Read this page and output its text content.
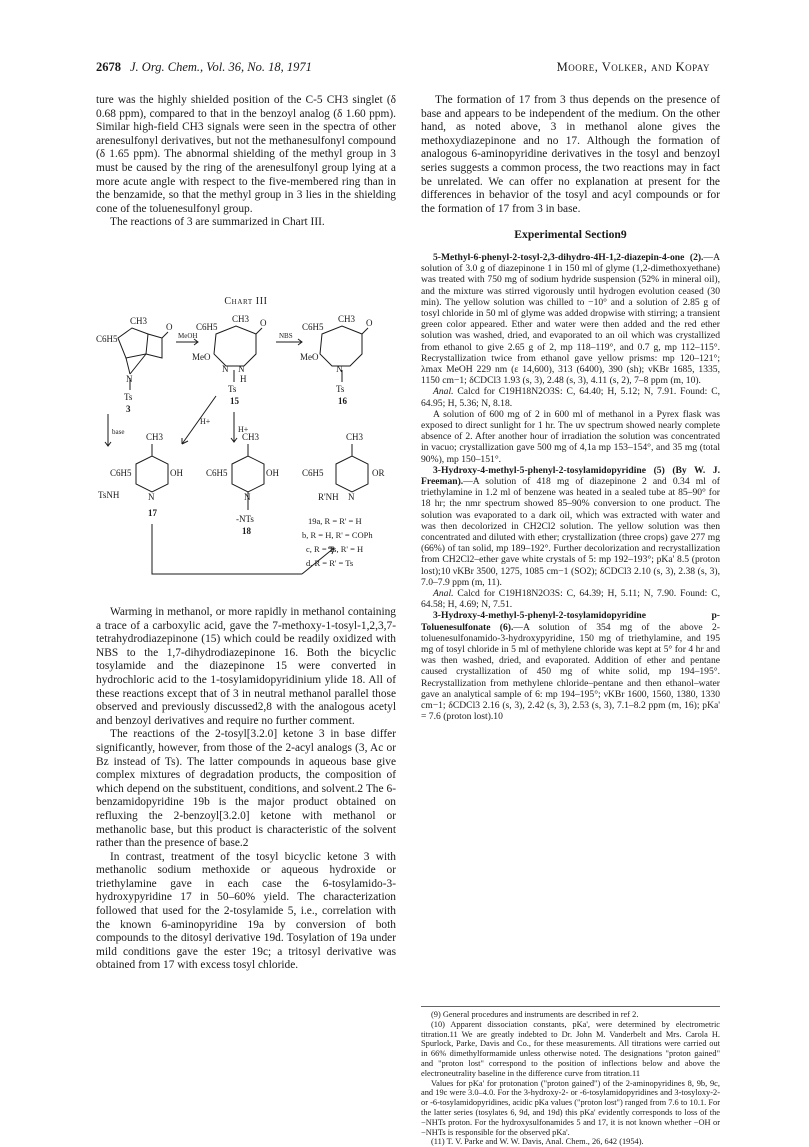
2678 J. Org. Chem., Vol. 36, No. 18, 1971	Moore, Volker, and Kopay

ture was the highly shielded position of the C-5 CH3 singlet (δ 0.68 ppm), compared to that in the benzoyl analog (δ 1.60 ppm). Similar high-field CH3 signals were seen in the spectra of other arenesulfonyl derivatives, but not the methanesulfonyl compound (δ 1.65 ppm). The abnormal shielding of the methyl group in 3 must be caused by the ring of the arenesulfonyl group lying at a more acute angle with respect to the five-membered ring than in the benzamide, so that the methyl group in 3 lies in the shielding cone of the toluenesulfonyl group.

The reactions of 3 are summarized in Chart III.

Chart III
C6H5
CH3
O
N
Ts
3
MeOH
C6H5
CH3 O
MeO
N N
H
Ts
15
NBS
C6H5
CH3 O
MeO
N
Ts
16
base
H+
H+
C6H5
CH3
OH
TsNH	N
17
C6H5
CH3
OH
N
-NTs
18
C6H5
CH3
OR
R'NH N
19a, R = R' = H
b, R = H, R' = COPh
c, R = Ts, R' = H
d, R = R' = Ts

Warming in methanol, or more rapidly in methanol containing a trace of a carboxylic acid, gave the 7-methoxy-1-tosyl-1,2,3,7-tetrahydrodiazepinone (15) which could be readily oxidized with NBS to the 1,7-dihydrodiazepinone 16. Both the bicyclic tosylamide and the diazepinone 15 were converted in hydrochloric acid to the 1-tosylamidopyridinium ylide 18. All of these reactions except that of 3 in neutral methanol parallel those observed and previously discussed2,8 with the analogous acetyl and benzoyl derivatives and require no further comment.

The reactions of the 2-tosyl[3.2.0] ketone 3 in base differ significantly, however, from those of the 2-acyl analogs (3, Ac or Bz instead of Ts). The latter compounds in aqueous base give complex mixtures of degradation products, the composition of which depend on the substituent, conditions, and solvent.2 The 6-benzamidopyridine 19b is the major product obtained on refluxing the 2-benzoyl[3.2.0] ketone with methanol or methanolic base, but this product is characteristic of the solvent rather than the presence of base.2

In contrast, treatment of the tosyl bicyclic ketone 3 with methanolic sodium methoxide or aqueous hydroxide or triethylamine gave in each case the 6-tosylamido-3-hydroxypyridine 17 in 50–60% yield. The characterization followed that used for the 2-tosylamide 5, i.e., correlation with the known 6-aminopyridine 19a by conversion of both compounds to the ditosyl derivative 19d. Tosylation of 19a under mild conditions gave the ester 19c; a tritosyl derivative was obtained from 17 with excess tosyl chloride.

The formation of 17 from 3 thus depends on the presence of base and appears to be independent of the medium. On the other hand, as noted above, 3 in methanol alone gives the methoxydiazepinone and no 17. Although the formation of analogous 6-aminopyridine derivatives in the tosyl and benzoyl series suggests a common process, the two reactions may in fact be unrelated. We can offer no explanation at present for the differences in behavior of the tosyl and acyl compounds or for the formation of 17 from 3 in base.

Experimental Section9

5-Methyl-6-phenyl-2-tosyl-2,3-dihydro-4H-1,2-diazepin-4-one (2).—A solution of 3.0 g of diazepinone 1 in 150 ml of glyme (1,2-dimethoxyethane) was treated with 750 mg of sodium hydride suspension (52% in mineral oil), and the mixture was stirred vigorously until hydrogen evolution ceased (30 min). The yellow solution was chilled to −10° and a solution of 2.85 g of tosyl chloride in 50 ml of glyme was added dropwise with stirring; a transient green color appeared. Ether and water were then added and the red ether solution was washed, dried, and evaporated to an oil which was crystallized from ethanol to give 2.65 g of 2, mp 118–119°, and 0.7 g, mp 112–115°. Recrystallization twice from ethanol gave yellow prisms: mp 120–121°; λmax MeOH 229 nm (ε 14,600), 313 (6400), 390 (sh); νKBr 1685, 1335, 1150 cm−1; δCDCl3 1.93 (s, 3), 2.48 (s, 3), 4.11 (s, 2), 7–8 ppm (m, 10).

Anal. Calcd for C19H18N2O3S: C, 64.40; H, 5.12; N, 7.91. Found: C, 64.95; H, 5.36; N, 8.18.

A solution of 600 mg of 2 in 600 ml of methanol in a Pyrex flask was exposed to direct sunlight for 1 hr. The uv spectrum showed nearly complete absence of 2. After another hour of irradiation the solution was concentrated in vacuo; crystallization gave 500 mg of 4,1a mp 153–154°, and 35 mg (total 90%), mp 150–151°.

3-Hydroxy-4-methyl-5-phenyl-2-tosylamidopyridine (5) (By W. J. Freeman).—A solution of 418 mg of diazepinone 2 and 0.34 ml of triethylamine in 1.2 ml of benzene was heated in a sealed tube at 85–90° for 18 hr; the nmr spectrum showed 85–90% conversion to one product. The solution was evaporated to a dark oil, which was extracted with water and was then decolorized in CH2Cl2 solution. The yellow solution was then concentrated and diluted with ether; crystallization (three crops) gave 277 mg (66%) of tan solid, mp 189–192°. Further decolorization and recrystallization from CH2Cl2–ether gave white crystals of 5: mp 192–193°; pKa' 8.5 (proton lost);10 νKBr 3500, 1275, 1085 cm−1 (SO2); δCDCl3 2.10 (s, 3), 2.38 (s, 3), 7.0–7.9 ppm (m, 11).

Anal. Calcd for C19H18N2O3S: C, 64.39; H, 5.11; N, 7.90. Found: C, 64.58; H, 4.69; N, 7.51.

3-Hydroxy-4-methyl-5-phenyl-2-tosylamidopyridine p-Toluenesulfonate (6).—A solution of 354 mg of the above 2-toluenesulfonamido-3-hydroxypyridine, 150 mg of triethylamine, and 195 mg of tosyl chloride in 5 ml of methylene chloride was kept at 5° for 4 hr and was then washed, dried, and evaporated. Addition of ether and pentane caused crystallization of 450 mg of white solid, mp 194–195°. Recrystallization from methylene chloride–pentane and then ethanol–water gave an analytical sample of 6: mp 194–195°; νKBr 1600, 1560, 1380, 1330 cm−1; δCDCl3 2.16 (s, 3), 2.42 (s, 3), 2.53 (s, 3), 7.1–8.2 ppm (m, 16); pKa' = 7.6 (proton lost).10

(9) General procedures and instruments are described in ref 2.

(10) Apparent dissociation constants, pKa', were determined by electrometric titration.11 We are greatly indebted to Dr. John M. Vanderbelt and Mrs. Carola H. Spurlock, Parke, Davis and Co., for these measurements. All titrations were carried out in 66% dimethylformamide unless otherwise noted. The designations "proton gained" and "proton lost" correspond to the position of inflections below and above the electroneutrality baseline in the difference curve from titration.11

Values for pKa' for protonation ("proton gained") of the 2-aminopyridines 8, 9b, 9c, and 19c were 3.0–4.0. For the 3-hydroxy-2- or -6-tosylamidopyridines and 3-tosyloxy-2- or -6-tosylamidopyridines, acidic pKa values ("proton lost") ranged from 7.6 to 10.1. For the latter series (tosylates 6, 9d, and 19d) this pKa' evidently corresponds to loss of the −NHTs proton. For the hydroxysulfonamides 5 and 17, it is not known whether −OH or −NHTs is responsible for the observed pKa'.

(11) T. V. Parke and W. W. Davis, Anal. Chem., 26, 642 (1954).
